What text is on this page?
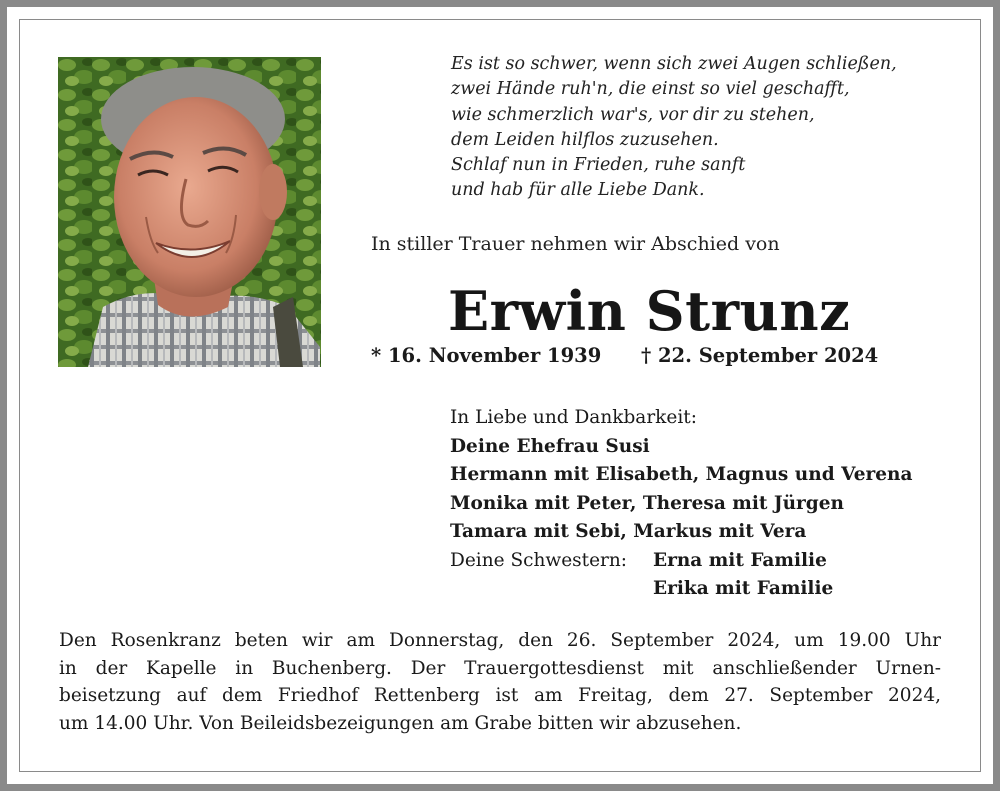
Es ist so schwer, wenn sich zwei Augen schließen,
zwei Hände ruh'n, die einst so viel geschafft,
wie schmerzlich war's, vor dir zu stehen,
dem Leiden hilflos zuzusehen.
Schlaf nun in Frieden, ruhe sanft
und hab für alle Liebe Dank.
In stiller Trauer nehmen wir Abschied von
Erwin Strunz
* 16. November 1939 † 22. September 2024
In Liebe und Dankbarkeit:
Deine Ehefrau Susi
Hermann mit Elisabeth, Magnus und Verena
Monika mit Peter, Theresa mit Jürgen
Tamara mit Sebi, Markus mit Vera
Deine Schwestern: Erna mit Familie
Erika mit Familie
Den Rosenkranz beten wir am Donnerstag, den 26. September 2024, um 19.00 Uhr
in der Kapelle in Buchenberg. Der Trauergottesdienst mit anschließender Urnen-
beisetzung auf dem Friedhof Rettenberg ist am Freitag, dem 27. September 2024,
um 14.00 Uhr. Von Beileidsbezeigungen am Grabe bitten wir abzusehen.
